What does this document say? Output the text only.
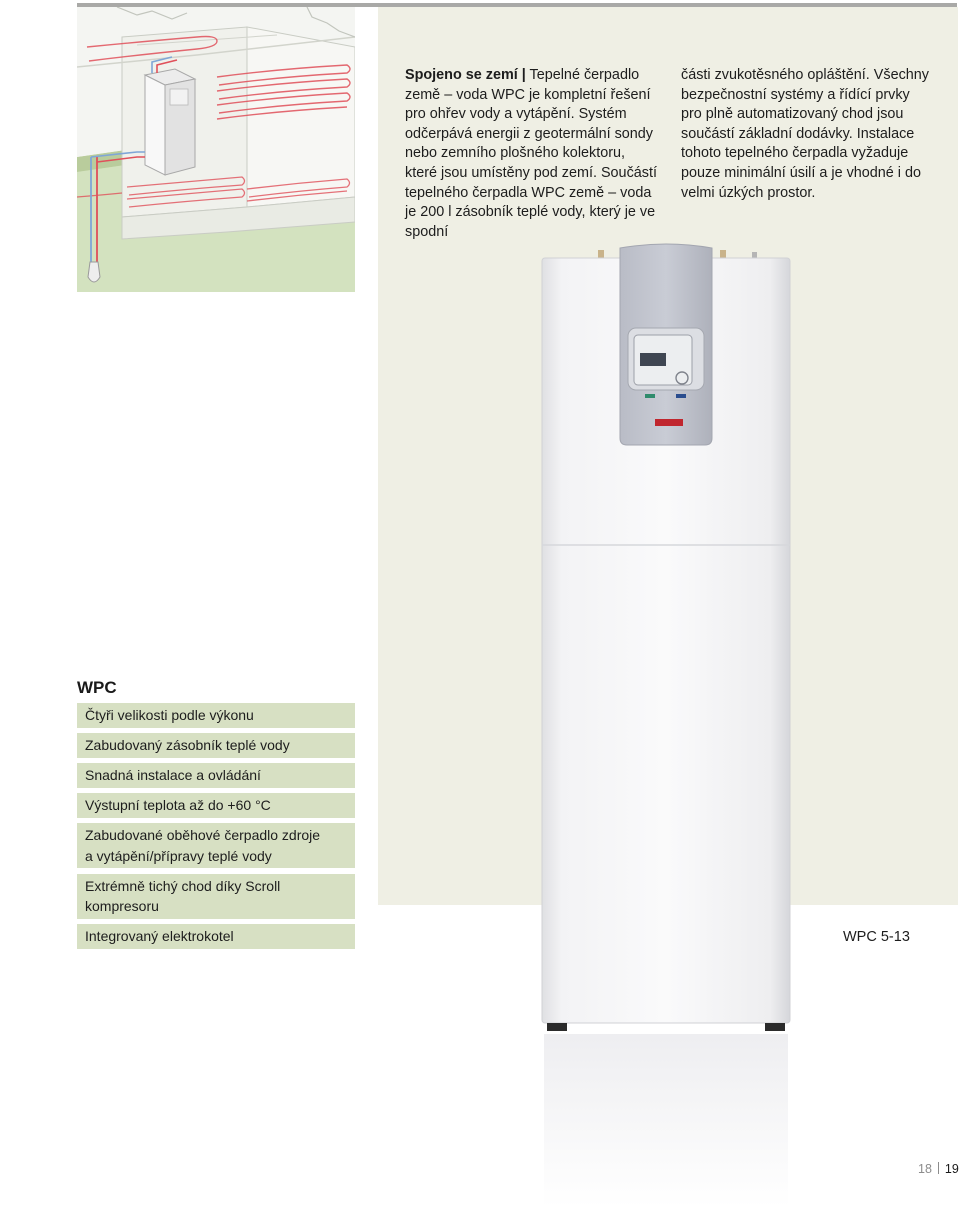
Spojeno se zemí | Tepelné čerpadlo země – voda WPC je kompletní řešení pro ohřev vody a vytápění. Systém odčerpává energii z geotermální sondy nebo zemního plošného kolektoru, které jsou umístěny pod zemí. Součástí tepelného čerpadla WPC země – voda je 200 l zásobník teplé vody, který je ve spodní

části zvukotěsného opláštění. Všechny bezpečnostní systémy a řídící prvky pro plně automatizovaný chod jsou součástí základní dodávky. Instalace tohoto tepelného čerpadla vyžaduje pouze minimální úsilí a je vhodné i do velmi úzkých prostor.

WPC
Čtyři velikosti podle výkonu
Zabudovaný zásobník teplé vody
Snadná instalace a ovládání
Výstupní teplota až do +60 °C
Zabudované oběhové čerpadlo zdroje
a vytápění/přípravy teplé vody
Extrémně tichý chod díky Scroll kompresoru
Integrovaný elektrokotel	WPC 5-13
18 19
